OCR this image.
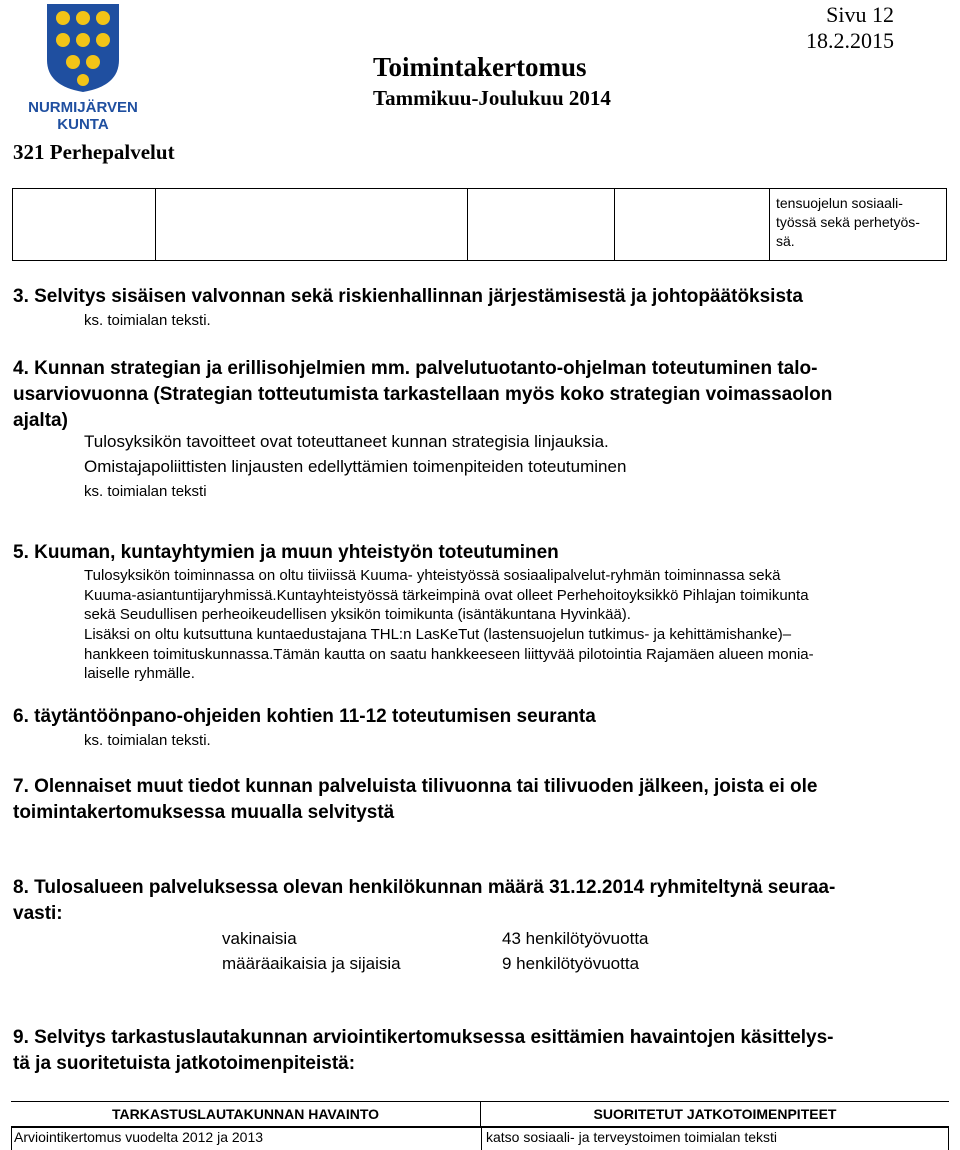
NURMIJÄRVEN
KUNTA
321 Perhepalvelut
Sivu 12
18.2.2015
Toimintakertomus
Tammikuu-Joulukuu 2014
tensuojelun sosiaali-
työssä sekä perhetyös-
sä.
3. Selvitys sisäisen valvonnan sekä riskienhallinnan järjestämisestä ja johtopäätöksista
ks. toimialan teksti.
4. Kunnan strategian ja erillisohjelmien mm. palvelutuotanto-ohjelman toteutuminen talo-
usarviovuonna (Strategian totteutumista tarkastellaan myös koko strategian voimassaolon
ajalta)
Tulosyksikön tavoitteet ovat toteuttaneet kunnan strategisia linjauksia.
Omistajapoliittisten linjausten edellyttämien toimenpiteiden toteutuminen
ks. toimialan teksti
5. Kuuman, kuntayhtymien ja muun yhteistyön toteutuminen
Tulosyksikön toiminnassa on oltu tiiviissä Kuuma- yhteistyössä sosiaalipalvelut-ryhmän toiminnassa sekä
Kuuma-asiantuntijaryhmissä.Kuntayhteistyössä tärkeimpinä ovat olleet Perhehoitoyksikkö Pihlajan toimikunta
sekä Seudullisen perheoikeudellisen yksikön toimikunta (isäntäkuntana Hyvinkää).
Lisäksi on oltu kutsuttuna kuntaedustajana THL:n LasKeTut (lastensuojelun tutkimus- ja kehittämishanke)–
hankkeen toimituskunnassa.Tämän kautta on saatu hankkeeseen liittyvää pilotointia Rajamäen alueen monia-
laiselle ryhmälle.
6. täytäntöönpano-ohjeiden kohtien 11-12 toteutumisen seuranta
ks. toimialan teksti.
7. Olennaiset muut tiedot kunnan palveluista tilivuonna tai tilivuoden jälkeen, joista ei ole
toimintakertomuksessa muualla selvitystä
8. Tulosalueen palveluksessa olevan henkilökunnan määrä 31.12.2014 ryhmiteltynä seuraa-
vasti:
vakinaisia	43 henkilötyövuotta
määräaikaisia ja sijaisia	9 henkilötyövuotta
9. Selvitys tarkastuslautakunnan arviointikertomuksessa esittämien havaintojen käsittelys-
tä ja suoritetuista jatkotoimenpiteistä:
TARKASTUSLAUTAKUNNAN HAVAINTO	SUORITETUT JATKOTOIMENPITEET
Arviointikertomus vuodelta 2012 ja 2013	katso sosiaali- ja terveystoimen toimialan teksti
